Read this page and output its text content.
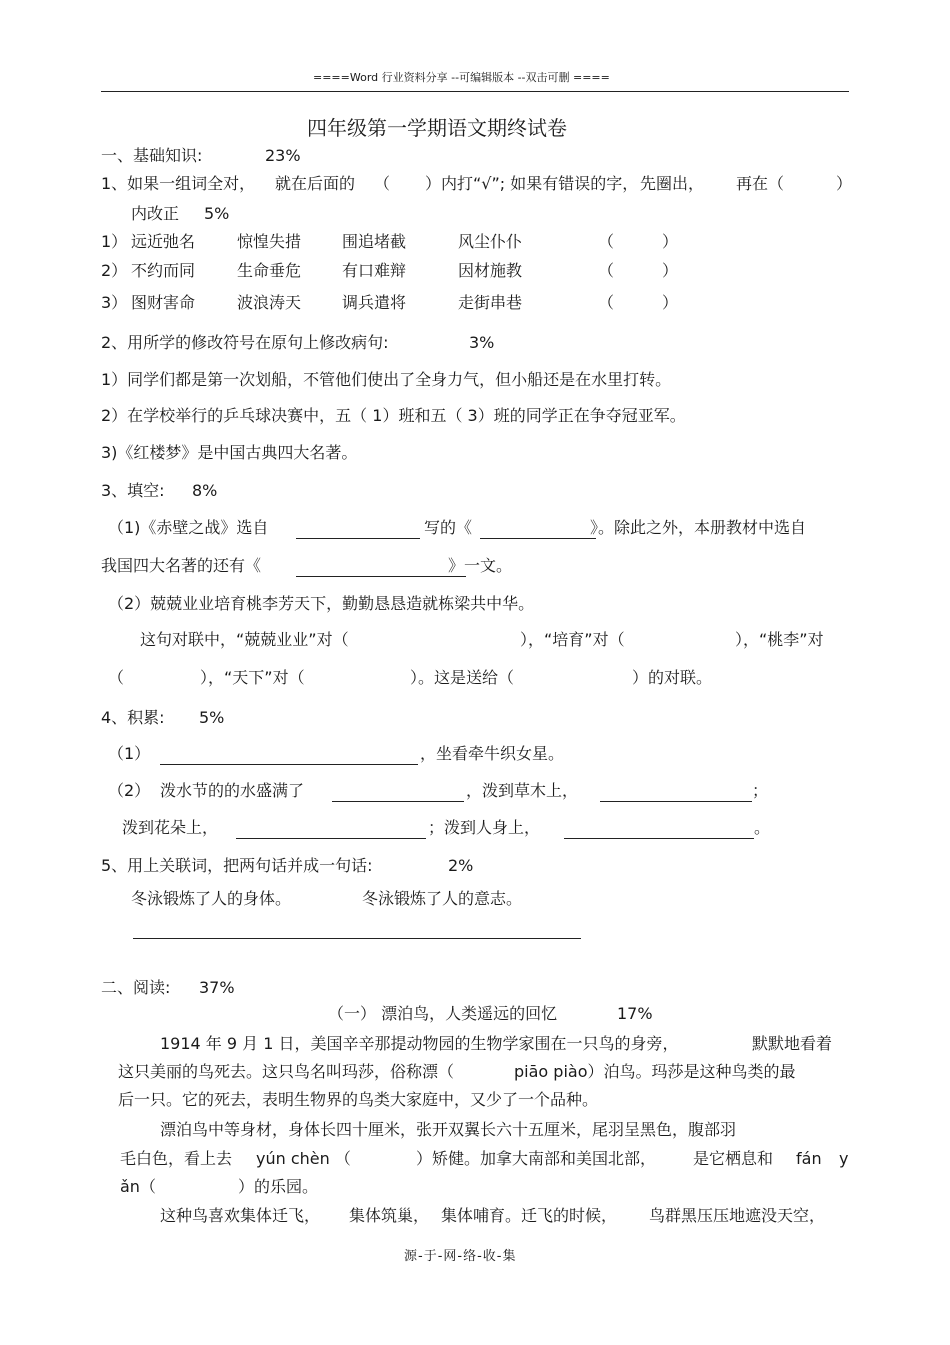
====Word 行业资料分享 --可编辑版本 --双击可删 ====
四年级第一学期语文期终试卷
一、基础知识:	23%
1、如果一组词全对， 就在后面的 （ ）内打“√”; 如果有错误的字， 先圈出， 再在（	）
内改正 5%
1） 远近弛名	惊惶失措	围追堵截	风尘仆仆	（	）
2） 不约而同	生命垂危	有口难辩	因材施教	（	）
3） 图财害命	波浪涛天	调兵遣将	走街串巷	（	）
2、用所学的修改符号在原句上修改病句:	3%
1）同学们都是第一次划船，不管他们使出了全身力气，但小船还是在水里打转。
2）在学校举行的乒乓球决赛中，五（ 1）班和五（ 3）班的同学正在争夺冠亚军。
3)《红楼梦》是中国古典四大名著。
3、填空: 8%
（1)《赤壁之战》选自	写的《	》。除此之外，本册教材中选自
我国四大名著的还有《	》一文。
（2）兢兢业业培育桃李芳天下，勤勤恳恳造就栋梁共中华。
这句对联中，“兢兢业业”对（	），“培育”对（	），“桃李”对
（	），“天下”对（	）。这是送给（	）的对联。
4、积累: 5%
（1）	，坐看牵牛织女星。
（2） 泼水节的的水盛满了	，泼到草木上，	；
泼到花朵上，	；泼到人身上，	。
5、用上关联词，把两句话并成一句话:	2%
冬泳锻炼了人的身体。	冬泳锻炼了人的意志。
二、阅读: 37%
（一） 漂泊鸟，人类遥远的回忆	17%
1914 年 9 月 1 日，美国辛辛那提动物园的生物学家围在一只鸟的身旁，	默默地看着
这只美丽的鸟死去。这只鸟名叫玛莎，俗称漂（	piāo piào）泊鸟。玛莎是这种鸟类的最
后一只。它的死去，表明生物界的鸟类大家庭中，又少了一个品种。
漂泊鸟中等身材，身体长四十厘米，张开双翼长六十五厘米，尾羽呈黑色，腹部羽
毛白色，看上去 yún chèn （	）矫健。加拿大南部和美国北部， 是它栖息和 fán y
ǎn（	）的乐园。
这种鸟喜欢集体迁飞， 集体筑巢， 集体哺育。迁飞的时候， 鸟群黑压压地遮没天空，
源-于-网-络-收-集
